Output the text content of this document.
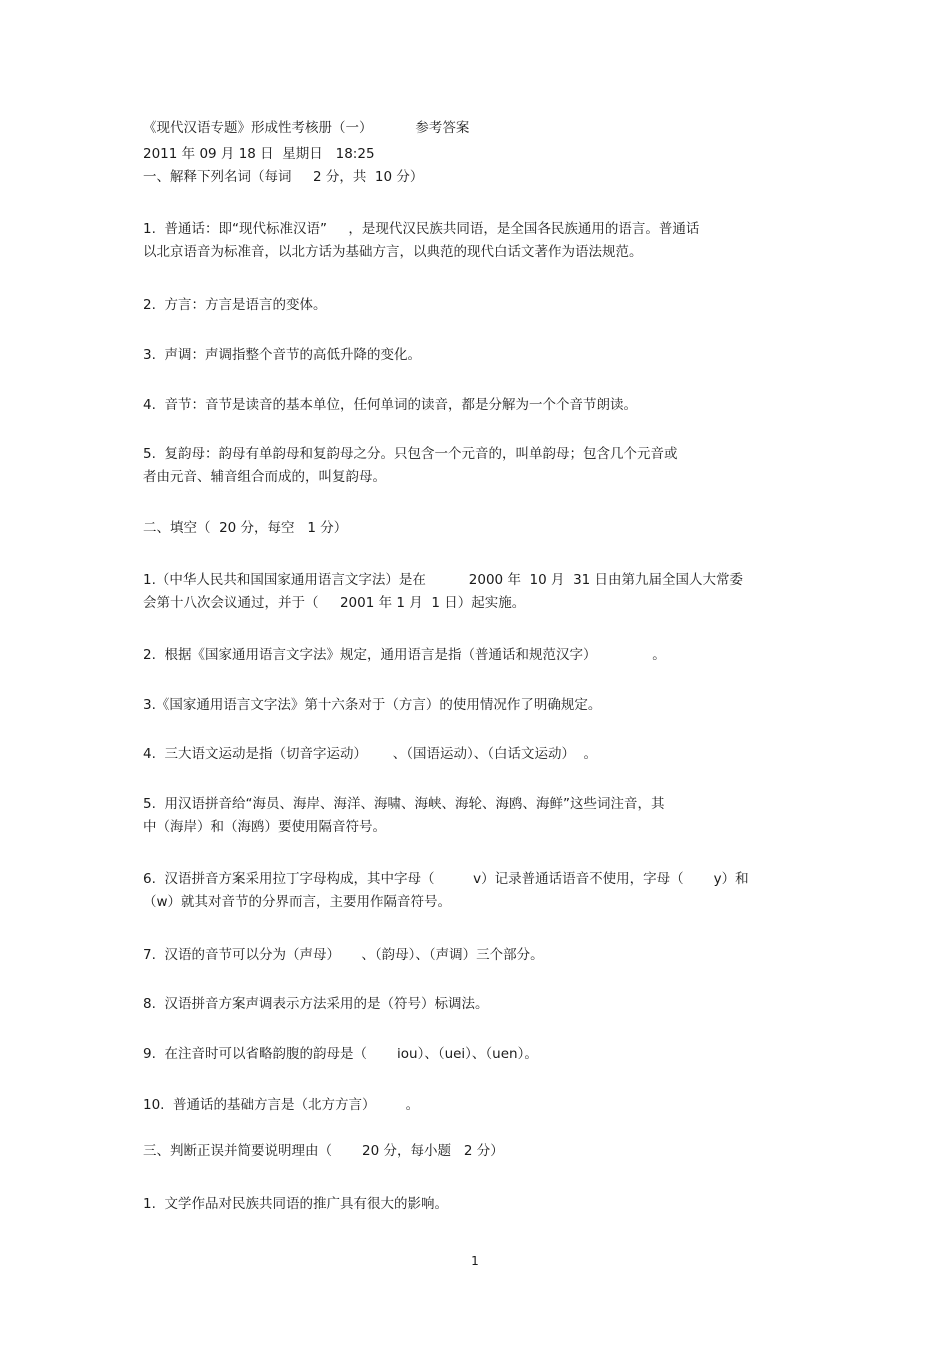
《现代汉语专题》形成性考核册（一）          参考答案

2011 年 09 月 18 日  星期日   18:25

一、解释下列名词（每词     2 分，共  10 分）

1.  普通话：即“现代标准汉语”     ，是现代汉民族共同语，是全国各民族通用的语言。普通话

以北京语音为标准音，以北方话为基础方言，以典范的现代白话文著作为语法规范。

2.  方言：方言是语言的变体。

3.  声调：声调指整个音节的高低升降的变化。

4.  音节：音节是读音的基本单位，任何单词的读音，都是分解为一个个音节朗读。

5.  复韵母：韵母有单韵母和复韵母之分。只包含一个元音的，叫单韵母；包含几个元音或

者由元音、辅音组合而成的，叫复韵母。

二、填空（  20 分，每空   1 分）

1.（中华人民共和国国家通用语言文字法）是在          2000 年  10 月  31 日由第九届全国人大常委

会第十八次会议通过，并于（     2001 年 1 月  1 日）起实施。

2.  根据《国家通用语言文字法》规定，通用语言是指（普通话和规范汉字）             。

3.《国家通用语言文字法》第十六条对于（方言）的使用情况作了明确规定。

4.  三大语文运动是指（切音字运动）      、（国语运动）、（白话文运动）  。

5.  用汉语拼音给“海员、海岸、海洋、海啸、海峡、海轮、海鸥、海鲜”这些词注音，其

中（海岸）和（海鸥）要使用隔音符号。

6.  汉语拼音方案采用拉丁字母构成，其中字母（         v）记录普通话语音不使用，字母（       y）和

（w）就其对音节的分界而言，主要用作隔音符号。

7.  汉语的音节可以分为（声母）     、（韵母）、（声调）三个部分。

8.  汉语拼音方案声调表示方法采用的是（符号）标调法。

9.  在注音时可以省略韵腹的韵母是（       iou）、（uei）、（uen）。

10.  普通话的基础方言是（北方方言）       。

三、判断正误并简要说明理由（       20 分，每小题   2 分）

1.  文学作品对民族共同语的推广具有很大的影响。

1
